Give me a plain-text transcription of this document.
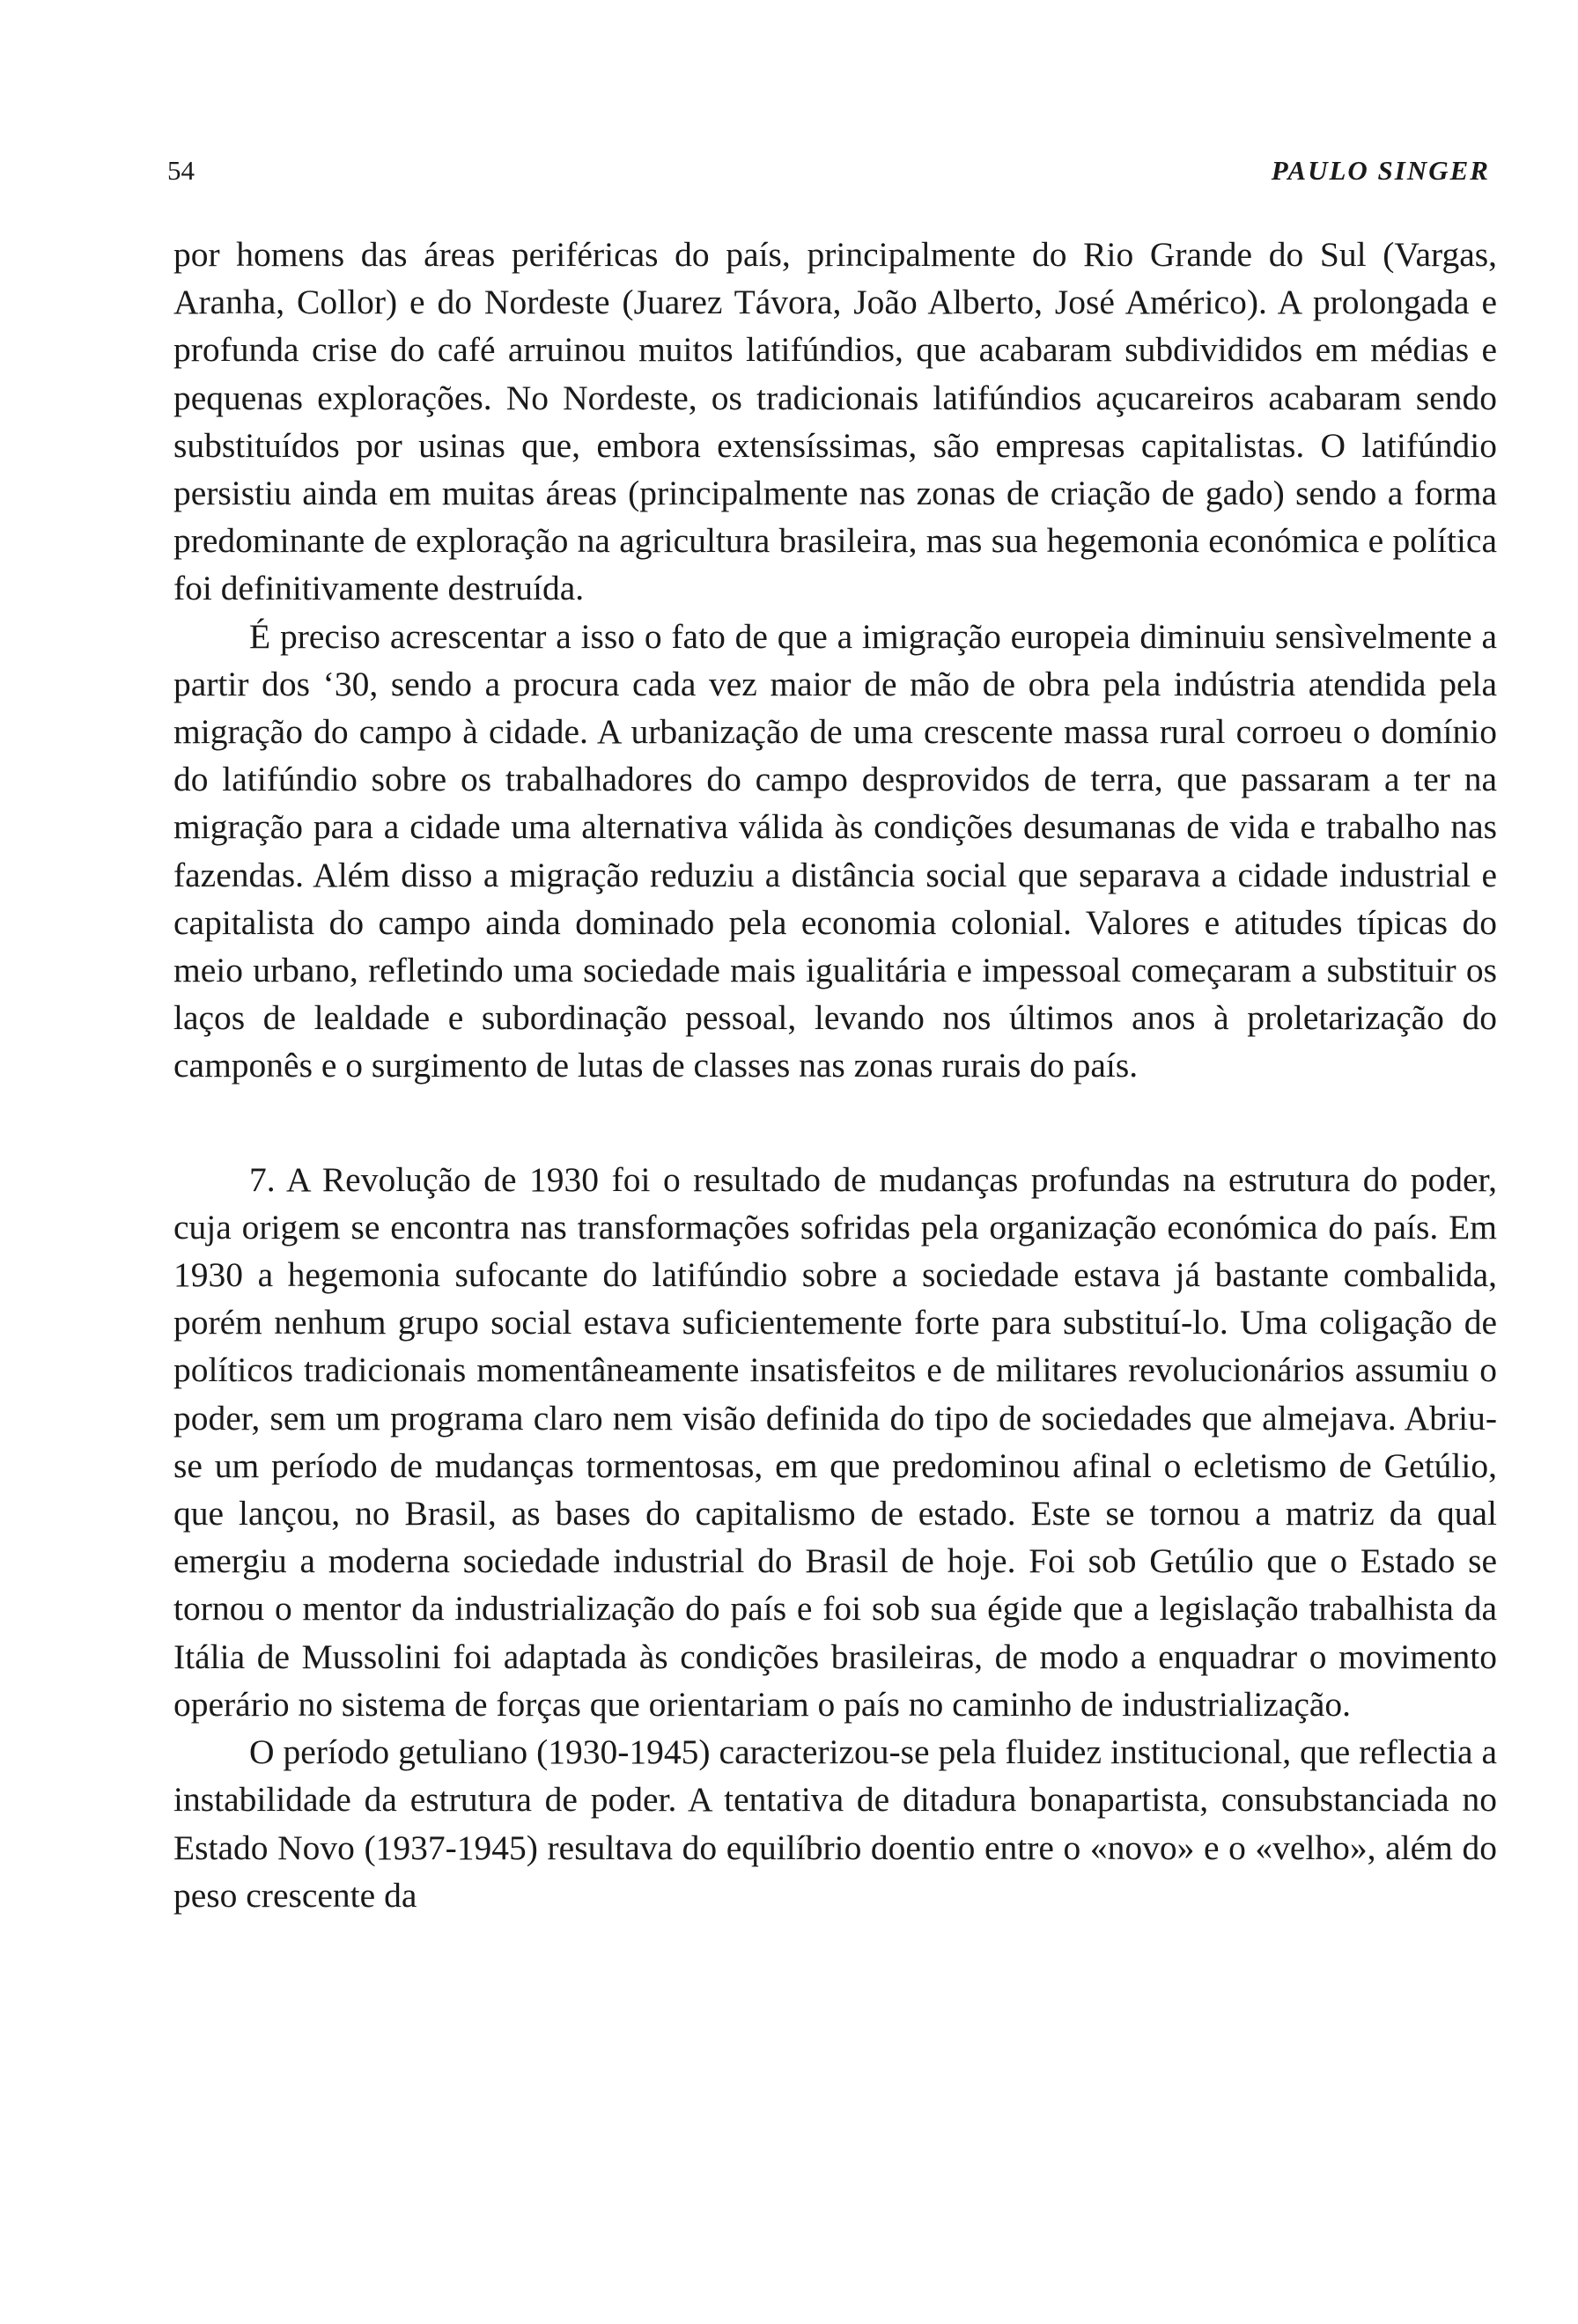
54	PAULO SINGER

por homens das áreas periféricas do país, principalmente do Rio Grande do Sul (Vargas, Aranha, Collor) e do Nordeste (Juarez Távora, João Alberto, José Américo). A prolongada e profunda crise do café arruinou muitos latifúndios, que acabaram subdivididos em médias e pequenas explorações. No Nordeste, os tradicionais latifúndios açucareiros acabaram sendo substituídos por usinas que, embora extensíssimas, são empresas capitalistas. O latifúndio persistiu ainda em muitas áreas (principalmente nas zonas de criação de gado) sendo a forma predominante de exploração na agricultura brasileira, mas sua hegemonia económica e política foi definitivamente destruída.

É preciso acrescentar a isso o fato de que a imigração europeia diminuiu sensìvelmente a partir dos ‘30, sendo a procura cada vez maior de mão de obra pela indústria atendida pela migração do campo à cidade. A urbanização de uma crescente massa rural corroeu o domínio do latifúndio sobre os trabalhadores do campo desprovidos de terra, que passaram a ter na migração para a cidade uma alternativa válida às condições desumanas de vida e trabalho nas fazendas. Além disso a migração reduziu a distância social que separava a cidade industrial e capitalista do campo ainda dominado pela economia colonial. Valores e atitudes típicas do meio urbano, refletindo uma sociedade mais igualitária e impessoal começaram a substituir os laços de lealdade e subordinação pessoal, levando nos últimos anos à proletarização do camponês e o surgimento de lutas de classes nas zonas rurais do país.

7. A Revolução de 1930 foi o resultado de mudanças profundas na estrutura do poder, cuja origem se encontra nas transformações sofridas pela organização económica do país. Em 1930 a hegemonia sufocante do latifúndio sobre a sociedade estava já bastante combalida, porém nenhum grupo social estava suficientemente forte para substituí-lo. Uma coligação de políticos tradicionais momentâneamente insatisfeitos e de militares revolucionários assumiu o poder, sem um programa claro nem visão definida do tipo de sociedades que almejava. Abriu-se um período de mudanças tormentosas, em que predominou afinal o ecletismo de Getúlio, que lançou, no Brasil, as bases do capitalismo de estado. Este se tornou a matriz da qual emergiu a moderna sociedade industrial do Brasil de hoje. Foi sob Getúlio que o Estado se tornou o mentor da industrialização do país e foi sob sua égide que a legislação trabalhista da Itália de Mussolini foi adaptada às condições brasileiras, de modo a enquadrar o movimento operário no sistema de forças que orientariam o país no caminho de industrialização.

O período getuliano (1930-1945) caracterizou-se pela fluidez institucional, que reflectia a instabilidade da estrutura de poder. A tentativa de ditadura bonapartista, consubstanciada no Estado Novo (1937-1945) resultava do equilíbrio doentio entre o «novo» e o «velho», além do peso crescente da
